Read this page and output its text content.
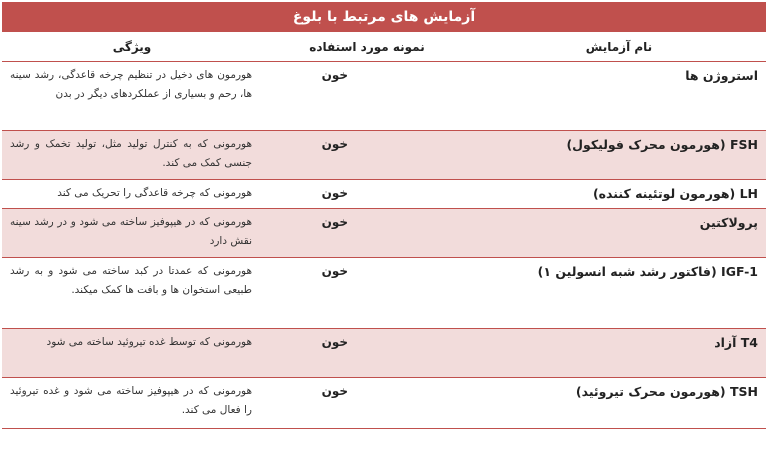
آزمایش های مرتبط با بلوغ
نام آزمایش	نمونه مورد استفاده	ویژگی
استروژن ها	خون	هورمون های دخیل در تنظیم چرخه قاعدگی، رشد سینه ها، رحم و بسیاری از عملکردهای دیگر در بدن
FSH (هورمون محرک فولیکول)	خون	هورمونی که به کنترل تولید مثل، تولید تخمک و رشد جنسی کمک می کند.
LH (هورمون لوتئینه کننده)	خون	هورمونی که چرخه قاعدگی را تحریک می کند
پرولاکتین	خون	هورمونی که در هیپوفیز ساخته می شود و در رشد سینه نقش دارد
IGF-1 (فاکتور رشد شبه انسولین ۱)	خون	هورمونی که عمدتا در کبد ساخته می شود و به رشد طبیعی استخوان ها و بافت ها کمک میکند.
T4 آزاد	خون	هورمونی که توسط غده تیروئید ساخته می شود
TSH (هورمون محرک تیروئید)	خون	هورمونی که در هیپوفیز ساخته می شود و غده تیروئید را فعال می کند.
